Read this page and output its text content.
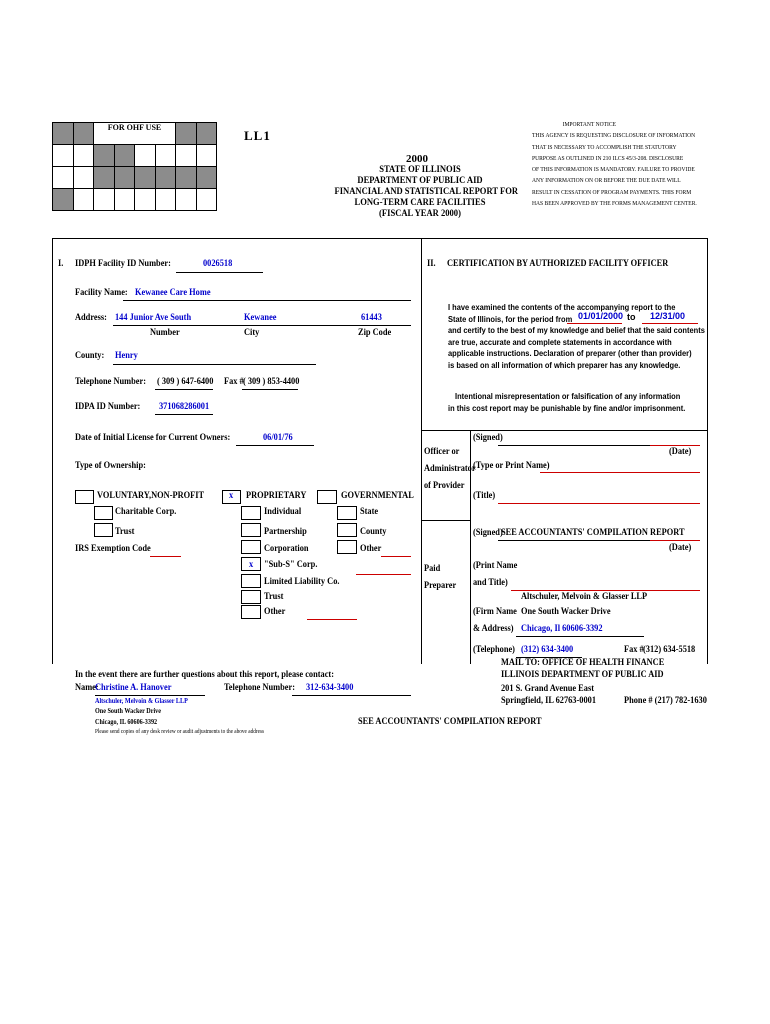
		FOR OHF USE					

LL1
2000
STATE OF ILLINOIS
DEPARTMENT OF PUBLIC AID
FINANCIAL AND STATISTICAL REPORT FOR
LONG-TERM CARE FACILITIES
(FISCAL YEAR 2000)
IMPORTANT NOTICE
THIS AGENCY IS REQUESTING DISCLOSURE OF INFORMATION
THAT IS NECESSARY TO ACCOMPLISH THE STATUTORY
PURPOSE AS OUTLINED IN 210 ILCS 45/3-208. DISCLOSURE
OF THIS INFORMATION IS MANDATORY. FAILURE TO PROVIDE
ANY INFORMATION ON OR BEFORE THE DUE DATE WILL
RESULT IN CESSATION OF PROGRAM PAYMENTS. THIS FORM
HAS BEEN APPROVED BY THE FORMS MANAGEMENT CENTER.
I. IDPH Facility ID Number:	0026518
Facility Name: Kewanee Care Home
Address: 144 Junior Ave South	Kewanee	61443
Number	City	Zip Code
County: Henry
Telephone Number: ( 309 ) 647-6400 Fax # ( 309 ) 853-4400
IDPA ID Number: 371068286001
Date of Initial License for Current Owners:	06/01/76
Type of Ownership:
VOLUNTARY,NON-PROFIT
Charitable Corp.
Trust
IRS Exemption Code
x PROPRIETARY
Individual
Partnership
Corporation
x "Sub-S" Corp.
Limited Liability Co.
Trust
Other
GOVERNMENTAL
State
County
Other
In the event there are further questions about this report, please contact:
Name:
Christine A. Hanover	Telephone Number: 312-634-3400
Altschuler, Melvoin & Glasser LLP
One South Wacker Drive
Chicago, IL 60606-3392
Please send copies of any desk review or audit adjustments to the above address
II. CERTIFICATION BY AUTHORIZED FACILITY OFFICER
I have examined the contents of the accompanying report to the
State of Illinois, for the period from
and certify to the best of my knowledge and belief that the said contents
are true, accurate and complete statements in accordance with
applicable instructions. Declaration of preparer (other than provider)
is based on all information of which preparer has any knowledge.
01/01/2000 to 12/31/00
Intentional misrepresentation or falsification of any information
in this cost report may be punishable by fine and/or imprisonment.
Officer or
Administrator
of Provider
(Signed)
(Date)
(Type or Print Name)
(Title)
(Signed)
SEE ACCOUNTANTS' COMPILATION REPORT
(Date)
Paid
Preparer
(Print Name
and Title)
Altschuler, Melvoin & Glasser LLP
(Firm Name One South Wacker Drive
& Address) Chicago, Il 60606-3392
(Telephone) (312) 634-3400	Fax # (312) 634-5518
MAIL TO: OFFICE OF HEALTH FINANCE
ILLINOIS DEPARTMENT OF PUBLIC AID
201 S. Grand Avenue East
Springfield, IL 62763-0001	Phone # (217) 782-1630
SEE ACCOUNTANTS' COMPILATION REPORT
